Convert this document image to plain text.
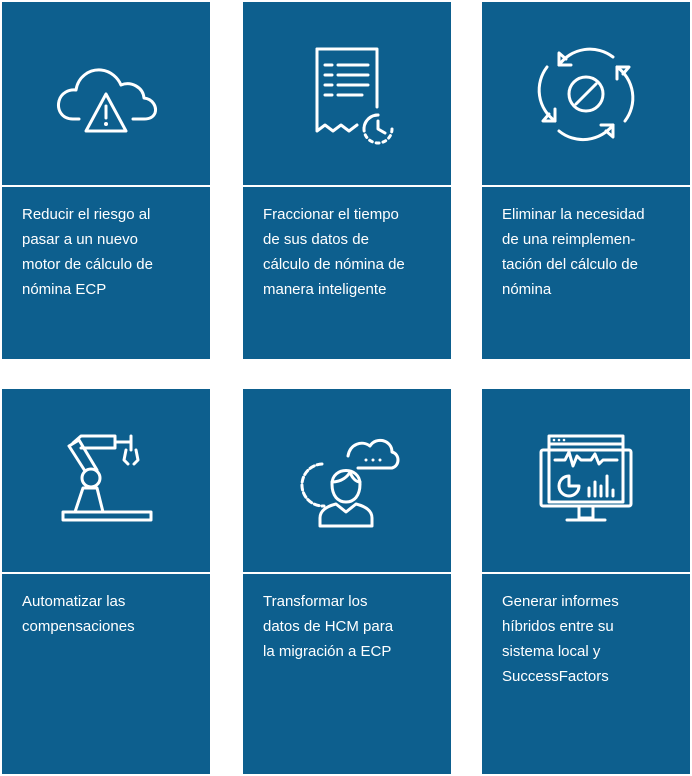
Reducir el riesgo al
pasar a un nuevo
motor de cálculo de
nómina ECP
Fraccionar el tiempo
de sus datos de
cálculo de nómina de
manera inteligente
Eliminar la necesidad
de una reimplemen-
tación del cálculo de
nómina
Automatizar las
compensaciones
Transformar los
datos de HCM para
la migración a ECP
Generar informes
híbridos entre su
sistema local y
SuccessFactors
